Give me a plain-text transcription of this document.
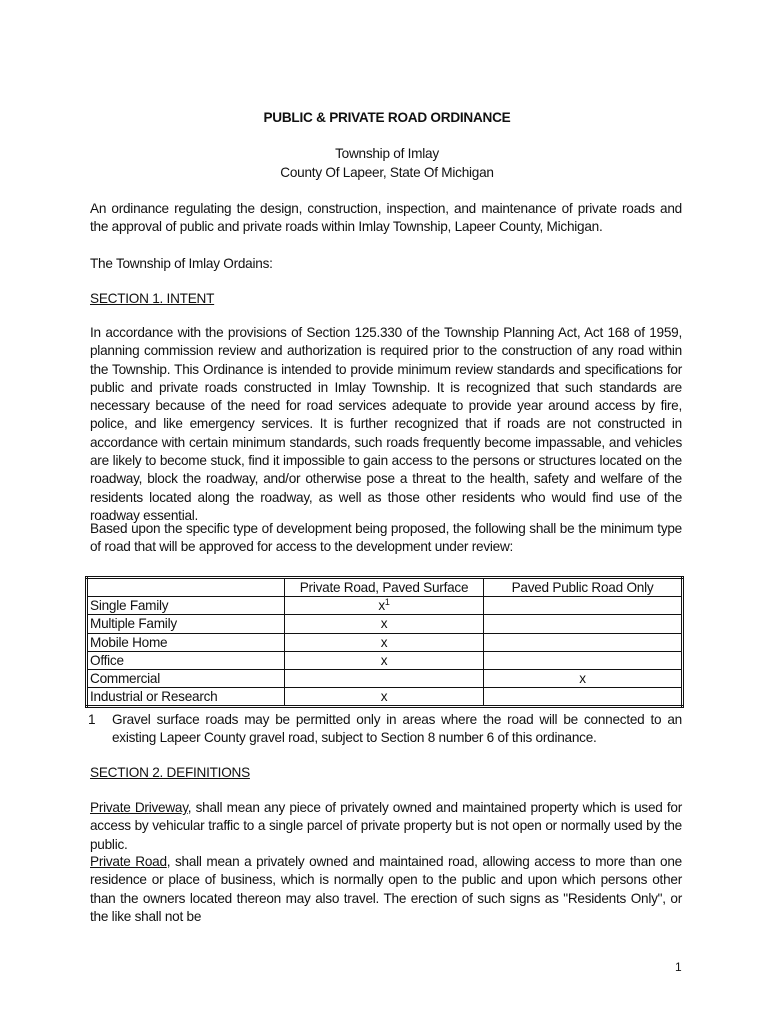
PUBLIC & PRIVATE ROAD ORDINANCE
Township of Imlay
County Of Lapeer, State Of Michigan

An ordinance regulating the design, construction, inspection, and maintenance of private roads and the approval of public and private roads within Imlay Township, Lapeer County, Michigan.

The Township of Imlay Ordains:

SECTION 1. INTENT

In accordance with the provisions of Section 125.330 of the Township Planning Act, Act 168 of 1959, planning commission review and authorization is required prior to the construction of any road within the Township. This Ordinance is intended to provide minimum review standards and specifications for public and private roads constructed in Imlay Township. It is recognized that such standards are necessary because of the need for road services adequate to provide year around access by fire, police, and like emergency services. It is further recognized that if roads are not constructed in accordance with certain minimum standards, such roads frequently become impassable, and vehicles are likely to become stuck, find it impossible to gain access to the persons or structures located on the roadway, block the roadway, and/or otherwise pose a threat to the health, safety and welfare of the residents located along the roadway, as well as those other residents who would find use of the roadway essential.

Based upon the specific type of development being proposed, the following shall be the minimum type of road that will be approved for access to the development under review:

	Private Road, Paved Surface	Paved Public Road Only
Single Family	$x^1$	
Multiple Family	x	
Mobile Home	x	
Office	x	
Commercial		x
Industrial or Research	x	
1 Gravel surface roads may be permitted only in areas where the road will be connected to an existing Lapeer County gravel road, subject to Section 8 number 6 of this ordinance.

SECTION 2. DEFINITIONS

Private Driveway, shall mean any piece of privately owned and maintained property which is used for access by vehicular traffic to a single parcel of private property but is not open or normally used by the public.

Private Road, shall mean a privately owned and maintained road, allowing access to more than one residence or place of business, which is normally open to the public and upon which persons other than the owners located thereon may also travel. The erection of such signs as "Residents Only", or the like shall not be

1
